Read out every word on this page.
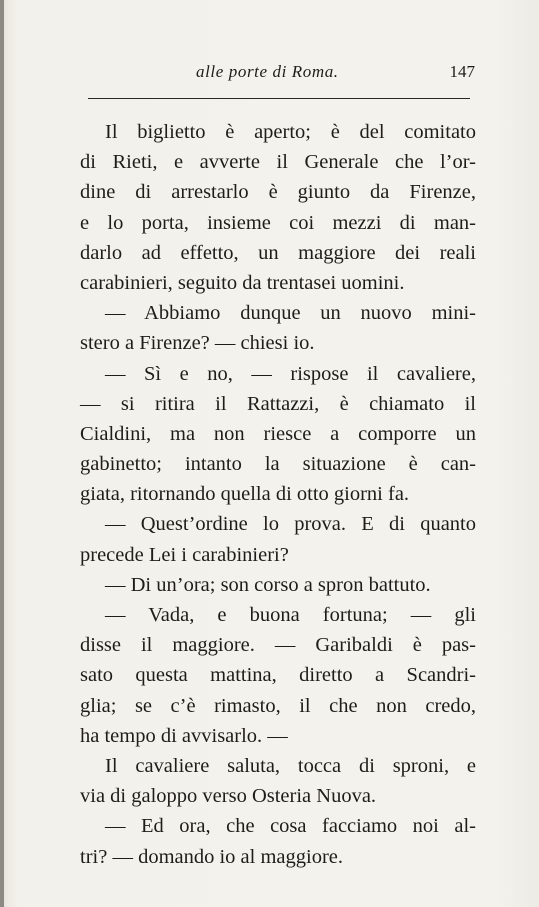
alle porte di Roma.	147
Il biglietto è aperto; è del comitato
di Rieti, e avverte il Generale che l’or-
dine di arrestarlo è giunto da Firenze,
e lo porta, insieme coi mezzi di man-
darlo ad effetto, un maggiore dei reali
carabinieri, seguito da trentasei uomini.
— Abbiamo dunque un nuovo mini-
stero a Firenze? — chiesi io.
— Sì e no, — rispose il cavaliere,
— si ritira il Rattazzi, è chiamato il
Cialdini, ma non riesce a comporre un
gabinetto; intanto la situazione è can-
giata, ritornando quella di otto giorni fa.
— Quest’ordine lo prova. E di quanto
precede Lei i carabinieri?
— Di un’ora; son corso a spron battuto.
— Vada, e buona fortuna; — gli
disse il maggiore. — Garibaldi è pas-
sato questa mattina, diretto a Scandri-
glia; se c’è rimasto, il che non credo,
ha tempo di avvisarlo. —
Il cavaliere saluta, tocca di sproni, e
via di galoppo verso Osteria Nuova.
— Ed ora, che cosa facciamo noi al-
tri? — domando io al maggiore.
